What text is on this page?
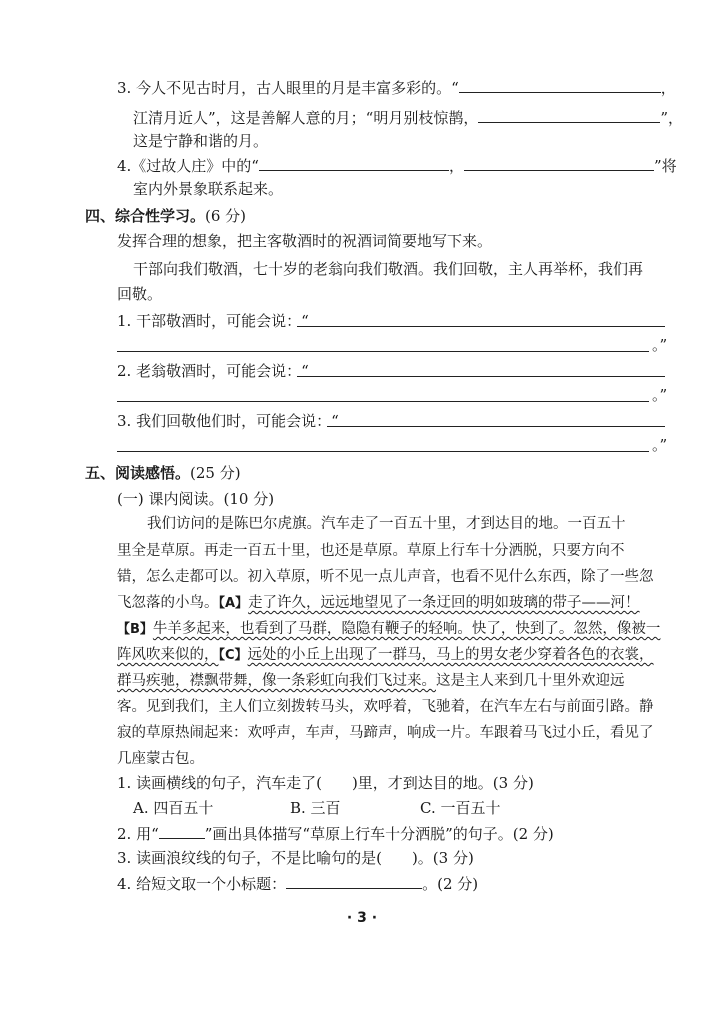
3. 今人不见古时月，古人眼里的月是丰富多彩的。“	，
江清月近人”，这是善解人意的月；“明月别枝惊鹊，	”，
这是宁静和谐的月。
4.《过故人庄》中的“	，	”将
室内外景象联系起来。
四、综合性学习。(6 分)
发挥合理的想象，把主客敬酒时的祝酒词简要地写下来。
干部向我们敬酒，七十岁的老翁向我们敬酒。我们回敬，主人再举杯，我们再
回敬。
1. 干部敬酒时，可能会说：“
。”
2. 老翁敬酒时，可能会说：“
。”
3. 我们回敬他们时，可能会说：“
。”
五、阅读感悟。(25 分)
(一) 课内阅读。(10 分)
我们访问的是陈巴尔虎旗。汽车走了一百五十里，才到达目的地。一百五十
里全是草原。再走一百五十里，也还是草原。草原上行车十分洒脱，只要方向不
错，怎么走都可以。初入草原，听不见一点儿声音，也看不见什么东西，除了一些忽
飞忽落的小鸟。【A】走了许久，远远地望见了一条迂回的明如玻璃的带子——河！
【B】牛羊多起来，也看到了马群，隐隐有鞭子的轻响。快了，快到了。忽然，像被一
阵风吹来似的，【C】远处的小丘上出现了一群马，马上的男女老少穿着各色的衣裳，
群马疾驰，襟飘带舞，像一条彩虹向我们飞过来。这是主人来到几十里外欢迎远
客。见到我们，主人们立刻拨转马头，欢呼着，飞驰着，在汽车左右与前面引路。静
寂的草原热闹起来：欢呼声，车声，马蹄声，响成一片。车跟着马飞过小丘，看见了
几座蒙古包。
1. 读画横线的句子，汽车走了( )里，才到达目的地。(3 分)
A. 四百五十	B. 三百	C. 一百五十
2. 用“	”画出具体描写“草原上行车十分洒脱”的句子。(2 分)
3. 读画浪纹线的句子，不是比喻句的是( )。(3 分)
4. 给短文取一个小标题：	。(2 分)
· 3 ·
